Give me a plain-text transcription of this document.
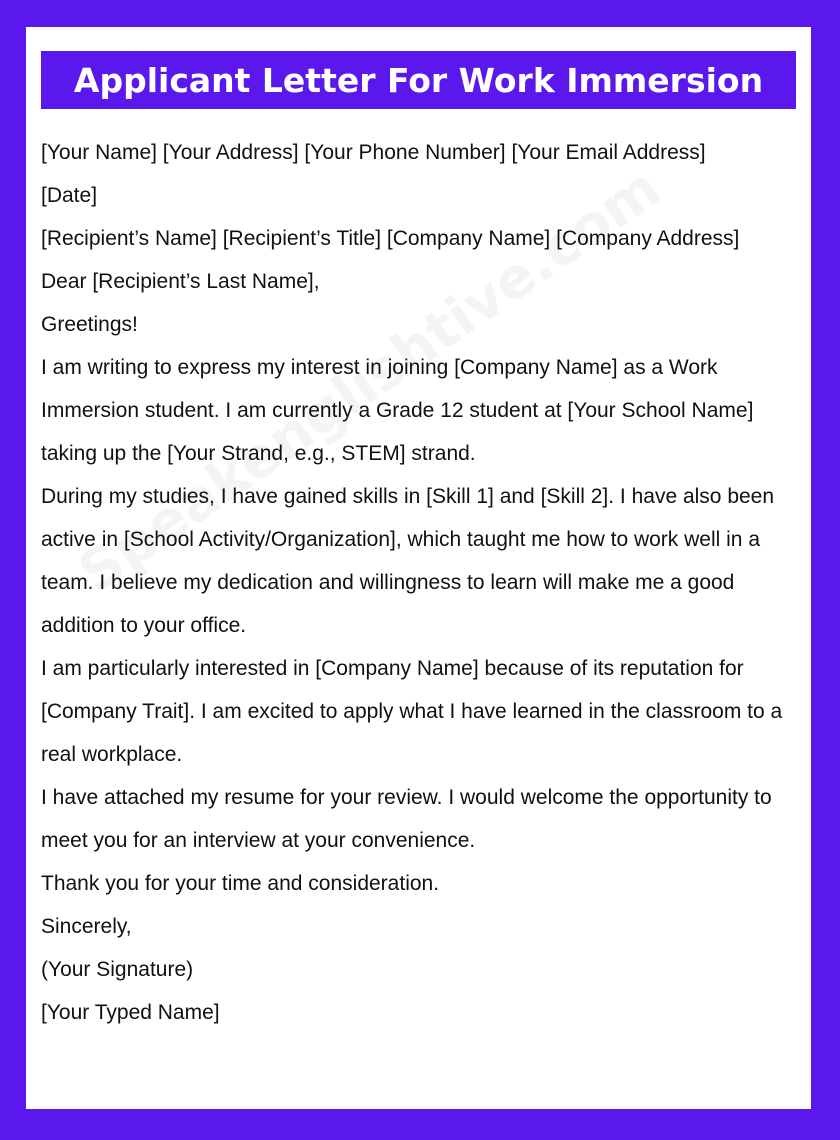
Applicant Letter For Work Immersion

[Your Name] [Your Address] [Your Phone Number] [Your Email Address]

[Date]

[Recipient’s Name] [Recipient’s Title] [Company Name] [Company Address]

Dear [Recipient’s Last Name],

Greetings!

I am writing to express my interest in joining [Company Name] as a Work Immersion student. I am currently a Grade 12 student at [Your School Name] taking up the [Your Strand, e.g., STEM] strand.

During my studies, I have gained skills in [Skill 1] and [Skill 2]. I have also been active in [School Activity/Organization], which taught me how to work well in a team. I believe my dedication and willingness to learn will make me a good addition to your office.

I am particularly interested in [Company Name] because of its reputation for [Company Trait]. I am excited to apply what I have learned in the classroom to a real workplace.

I have attached my resume for your review. I would welcome the opportunity to meet you for an interview at your convenience.

Thank you for your time and consideration.

Sincerely,

(Your Signature)

[Your Typed Name]
